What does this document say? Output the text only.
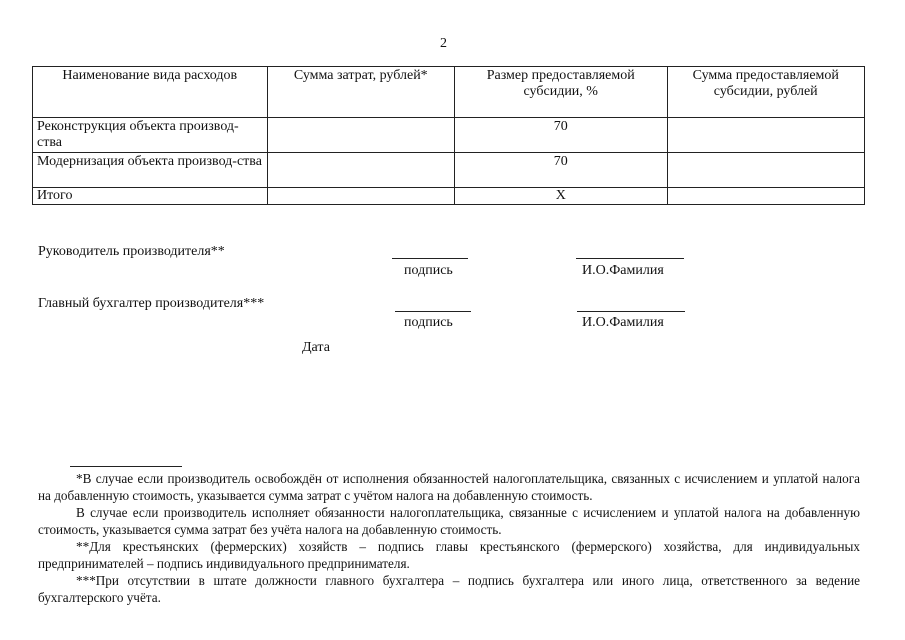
2
Наименование вида расходов	Сумма затрат, рублей*	Размер предоставляемой субсидии, %	Сумма предоставляемой субсидии, рублей
Реконструкция объекта производ-ства		70	
Модернизация объекта производ-ства		70	
Итого		X	
Руководитель производителя**
подпись	И.О.Фамилия
Главный бухгалтер производителя***
подпись	И.О.Фамилия
Дата

*В случае если производитель освобождён от исполнения обязанностей налогоплательщика, связанных с исчислением и уплатой налога на добавленную стоимость, указывается сумма затрат с учётом налога на добавленную стоимость.

В случае если производитель исполняет обязанности налогоплательщика, связанные с исчислением и уплатой налога на добавленную стоимость, указывается сумма затрат без учёта налога на добавленную стоимость.

**Для крестьянских (фермерских) хозяйств – подпись главы крестьянского (фермерского) хозяйства, для индивидуальных предпринимателей – подпись индивидуального предпринимателя.

***При отсутствии в штате должности главного бухгалтера – подпись бухгалтера или иного лица, ответственного за ведение бухгалтерского учёта.
